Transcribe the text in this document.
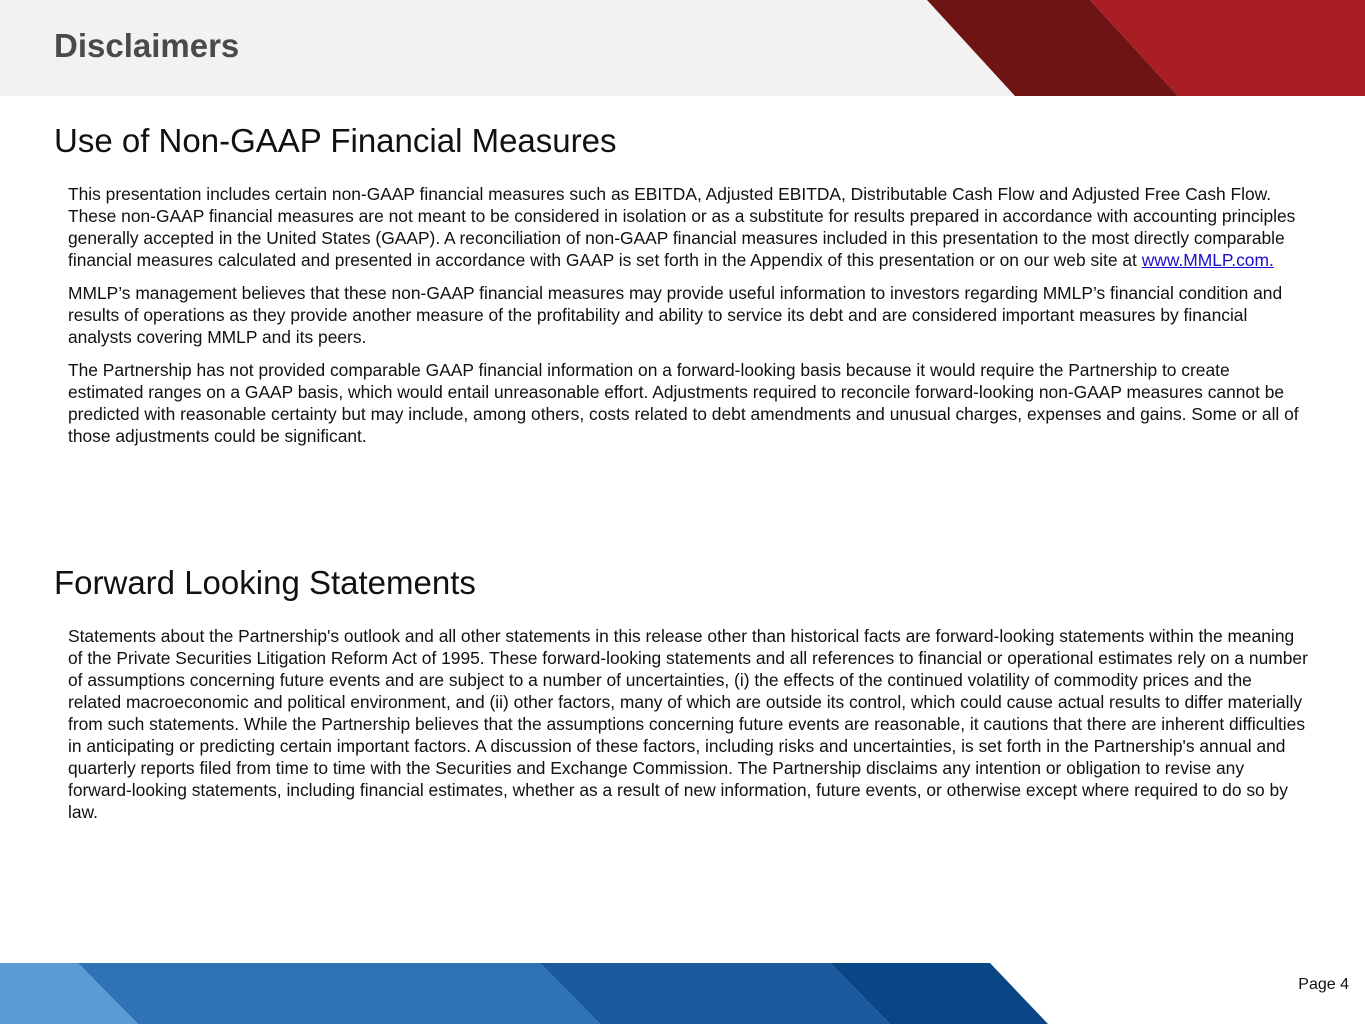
Disclaimers
Use of Non-GAAP Financial Measures

This presentation includes certain non-GAAP financial measures such as EBITDA, Adjusted EBITDA, Distributable Cash Flow and Adjusted Free Cash Flow. These non-GAAP financial measures are not meant to be considered in isolation or as a substitute for results prepared in accordance with accounting principles generally accepted in the United States (GAAP). A reconciliation of non-GAAP financial measures included in this presentation to the most directly comparable financial measures calculated and presented in accordance with GAAP is set forth in the Appendix of this presentation or on our web site at www.MMLP.com.

MMLP’s management believes that these non-GAAP financial measures may provide useful information to investors regarding MMLP’s financial condition and results of operations as they provide another measure of the profitability and ability to service its debt and are considered important measures by financial analysts covering MMLP and its peers.

The Partnership has not provided comparable GAAP financial information on a forward-looking basis because it would require the Partnership to create estimated ranges on a GAAP basis, which would entail unreasonable effort. Adjustments required to reconcile forward-looking non-GAAP measures cannot be predicted with reasonable certainty but may include, among others, costs related to debt amendments and unusual charges, expenses and gains. Some or all of those adjustments could be significant.

Forward Looking Statements

Statements about the Partnership's outlook and all other statements in this release other than historical facts are forward-looking statements within the meaning of the Private Securities Litigation Reform Act of 1995. These forward-looking statements and all references to financial or operational estimates rely on a number of assumptions concerning future events and are subject to a number of uncertainties, (i) the effects of the continued volatility of commodity prices and the related macroeconomic and political environment, and (ii) other factors, many of which are outside its control, which could cause actual results to differ materially from such statements. While the Partnership believes that the assumptions concerning future events are reasonable, it cautions that there are inherent difficulties in anticipating or predicting certain important factors. A discussion of these factors, including risks and uncertainties, is set forth in the Partnership's annual and quarterly reports filed from time to time with the Securities and Exchange Commission. The Partnership disclaims any intention or obligation to revise any forward-looking statements, including financial estimates, whether as a result of new information, future events, or otherwise except where required to do so by law.

Page 4
